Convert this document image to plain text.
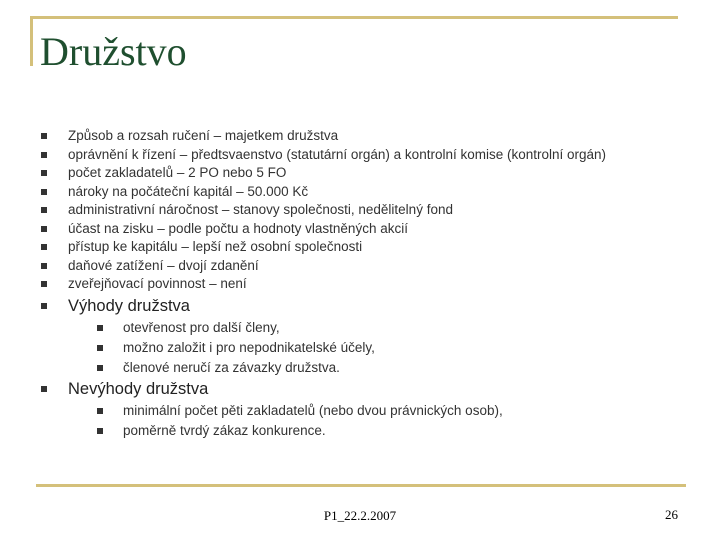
Družstvo
Způsob a rozsah ručení – majetkem družstva
oprávnění k řízení – předtsvaenstvo (statutární orgán) a kontrolní komise (kontrolní orgán)
počet zakladatelů – 2 PO nebo 5 FO
nároky na počáteční kapitál – 50.000 Kč
administrativní náročnost – stanovy společnosti, nedělitelný fond
účast na zisku – podle počtu a hodnoty vlastněných akcií
přístup ke kapitálu – lepší než osobní společnosti
daňové zatížení – dvojí zdanění
zveřejňovací povinnost – není
Výhody družstva
otevřenost pro další členy,
možno založit i pro nepodnikatelské účely,
členové neručí za závazky družstva.
Nevýhody družstva
minimální počet pěti zakladatelů (nebo dvou právnických osob),
poměrně tvrdý zákaz konkurence.
P1_22.2.2007	26
